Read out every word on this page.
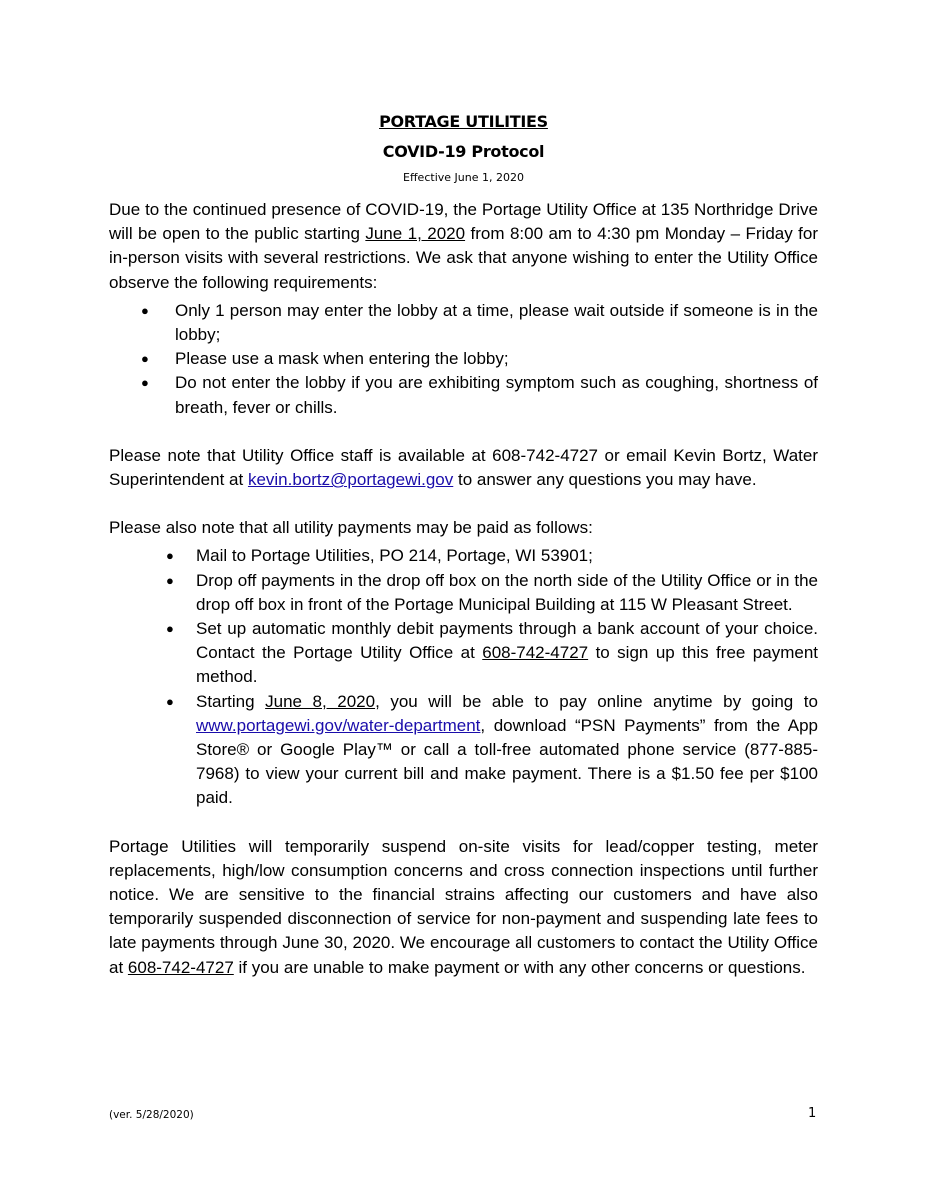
PORTAGE UTILITIES
COVID-19 Protocol
Effective June 1, 2020

Due to the continued presence of COVID-19, the Portage Utility Office at 135 Northridge Drive will be open to the public starting June 1, 2020 from 8:00 am to 4:30 pm Monday – Friday for in-person visits with several restrictions. We ask that anyone wishing to enter the Utility Office observe the following requirements:

● Only 1 person may enter the lobby at a time, please wait outside if someone is in the lobby;
● Please use a mask when entering the lobby;
● Do not enter the lobby if you are exhibiting symptom such as coughing, shortness of breath, fever or chills.

Please note that Utility Office staff is available at 608-742-4727 or email Kevin Bortz, Water Superintendent at kevin.bortz@portagewi.gov to answer any questions you may have.

Please also note that all utility payments may be paid as follows:

● Mail to Portage Utilities, PO 214, Portage, WI 53901;
● Drop off payments in the drop off box on the north side of the Utility Office or in the drop off box in front of the Portage Municipal Building at 115 W Pleasant Street.
● Set up automatic monthly debit payments through a bank account of your choice. Contact the Portage Utility Office at 608-742-4727 to sign up this free payment method.
● Starting June 8, 2020, you will be able to pay online anytime by going to www.portagewi.gov/water-department, download “PSN Payments” from the App Store® or Google Play™ or call a toll-free automated phone service (877-885-7968) to view your current bill and make payment. There is a $1.50 fee per $100 paid.

Portage Utilities will temporarily suspend on-site visits for lead/copper testing, meter replacements, high/low consumption concerns and cross connection inspections until further notice. We are sensitive to the financial strains affecting our customers and have also temporarily suspended disconnection of service for non-payment and suspending late fees to late payments through June 30, 2020. We encourage all customers to contact the Utility Office at 608-742-4727 if you are unable to make payment or with any other concerns or questions.

(ver. 5/28/2020)	1
